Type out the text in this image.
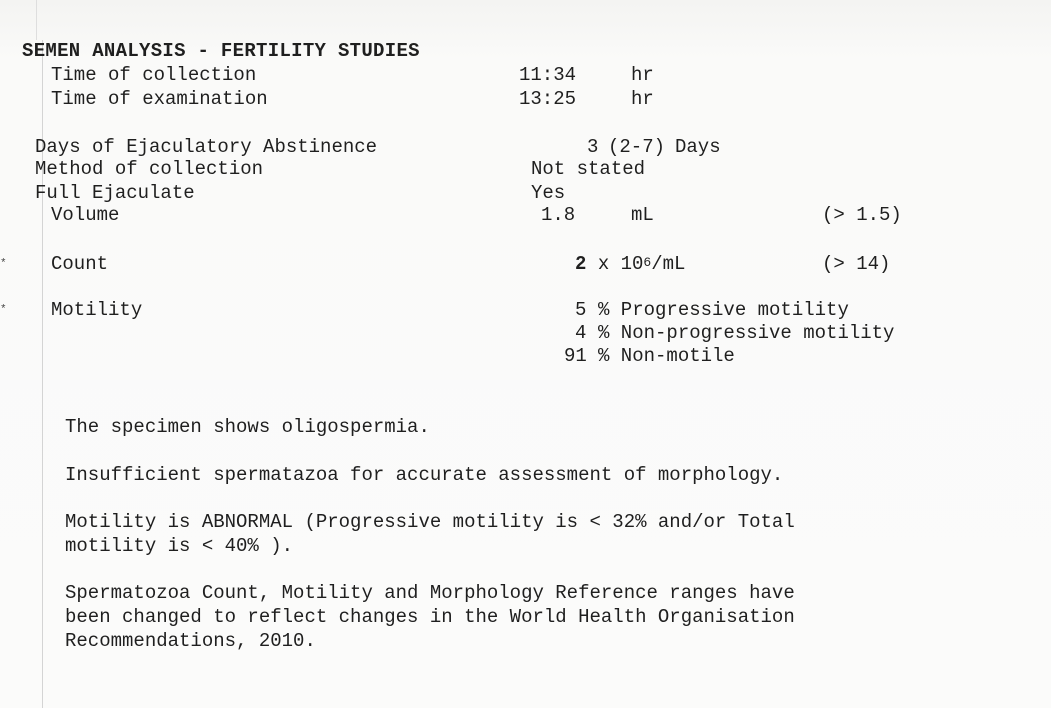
SEMEN ANALYSIS - FERTILITY STUDIES
Time of collection	11:34	hr
Time of examination	13:25	hr
Days of Ejaculatory Abstinence	3 (2-7) Days
Method of collection	Not stated
Full Ejaculate	Yes
Volume	1.8	mL	(> 1.5)
* Count	2 x $10^6/mL$	(> 14)
* Motility	5 % Progressive motility
4 % Non-progressive motility
91 % Non-motile
The specimen shows oligospermia.
Insufficient spermatazoa for accurate assessment of morphology.
Motility is ABNORMAL (Progressive motility is < 32% and/or Total
motility is < 40% ).
Spermatozoa Count, Motility and Morphology Reference ranges have
been changed to reflect changes in the World Health Organisation
Recommendations, 2010.
